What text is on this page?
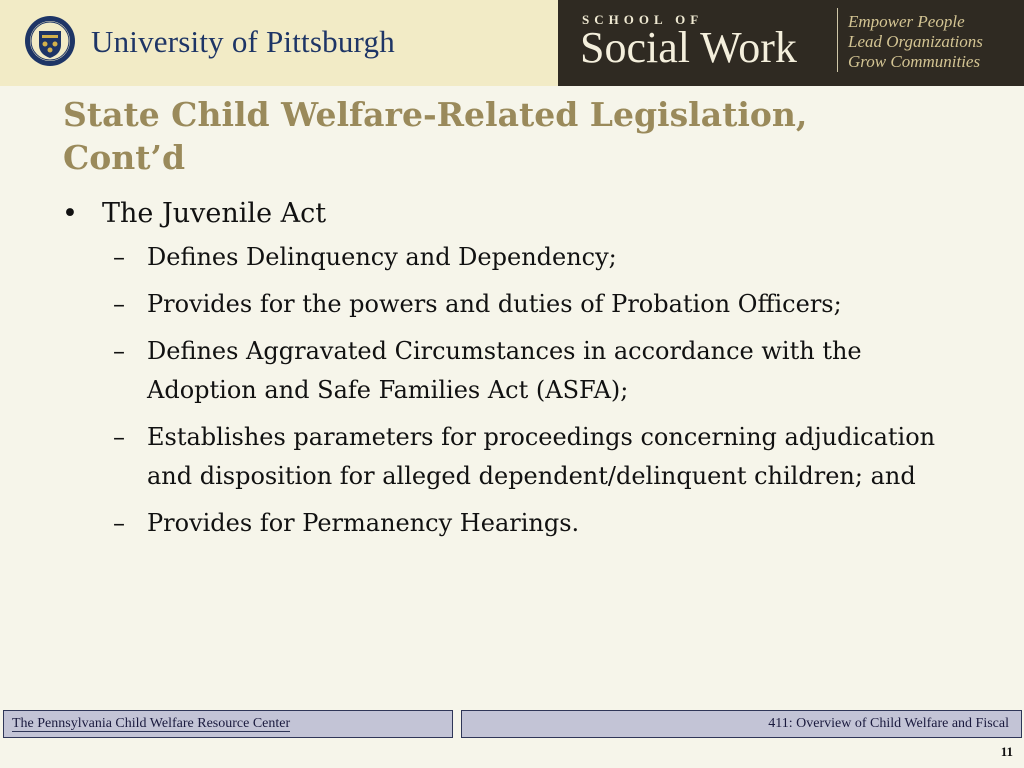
University of Pittsburgh
SCHOOL OF
Social Work
Empower People
Lead Organizations
Grow Communities
State Child Welfare-Related Legislation,
Cont’d
• The Juvenile Act
– Defines Delinquency and Dependency;
– Provides for the powers and duties of Probation Officers;
– Defines Aggravated Circumstances in accordance with the Adoption and Safe Families Act (ASFA);
– Establishes parameters for proceedings concerning adjudication and disposition for alleged dependent/delinquent children; and
– Provides for Permanency Hearings.
The Pennsylvania Child Welfare Resource Center	411: Overview of Child Welfare and Fiscal
11
